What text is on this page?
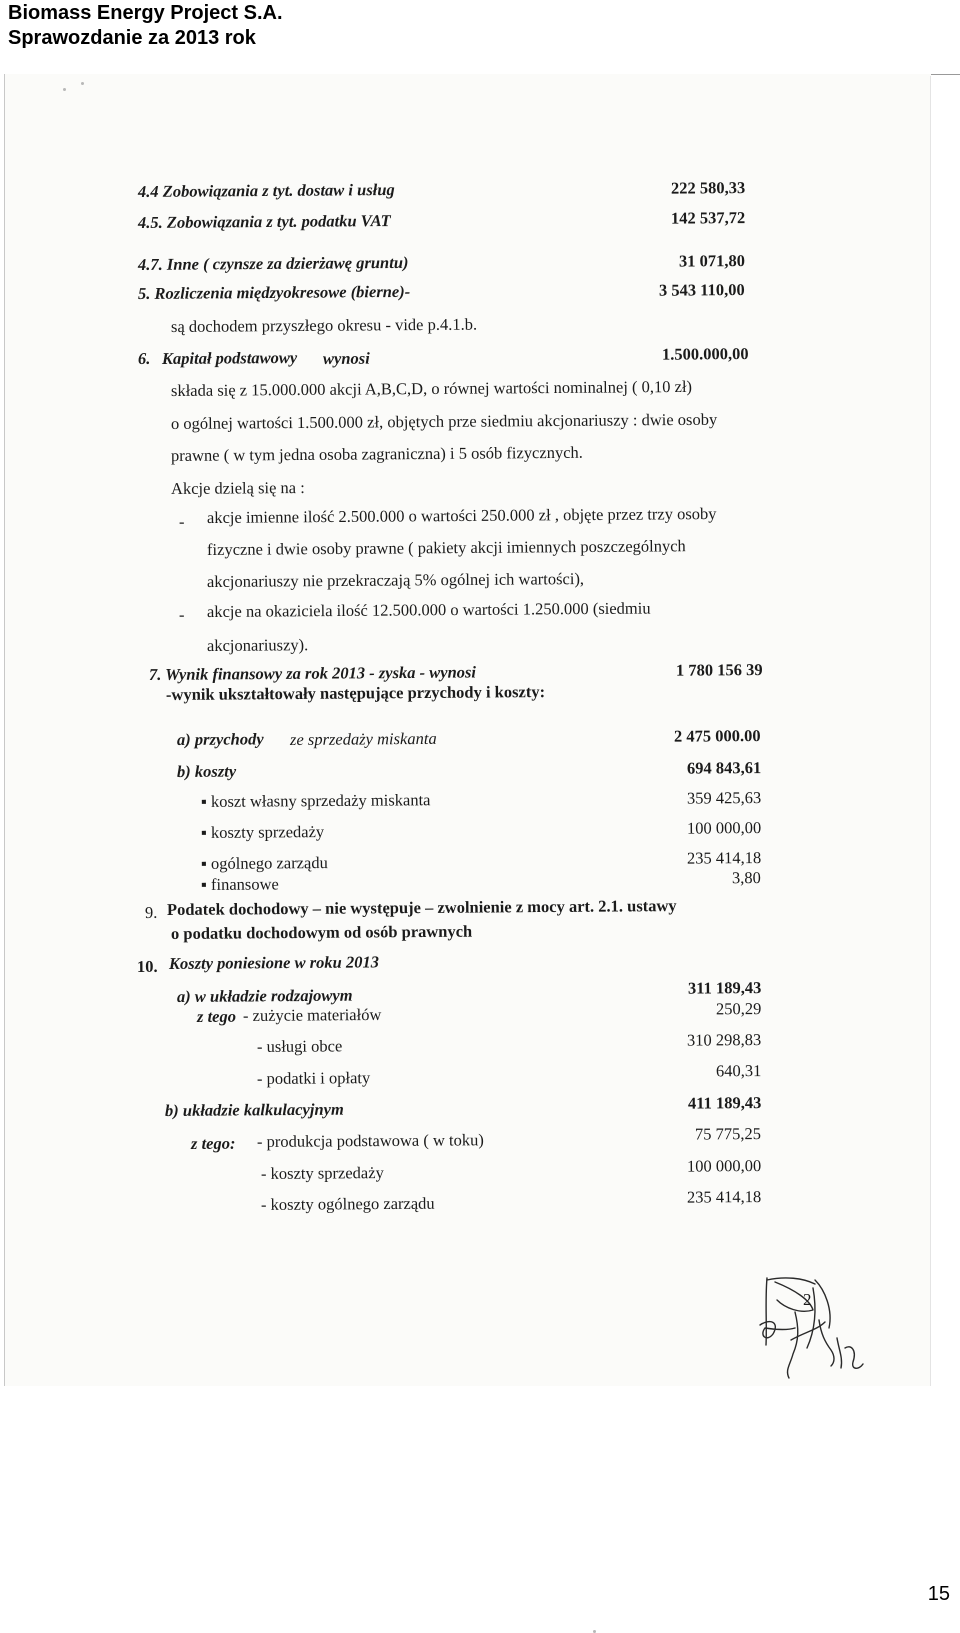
Biomass Energy Project S.A.
Sprawozdanie za 2013 rok
4.4 Zobowiązania z tyt. dostaw i usług	222 580,33
4.5. Zobowiązania z tyt. podatku VAT	142 537,72
4.7. Inne ( czynsze za dzierżawę gruntu)	31 071,80
5. Rozliczenia międzyokresowe (bierne)-	3 543 110,00
są dochodem przyszłego okresu - vide p.4.1.b.
6. Kapitał podstawowy wynosi	1.500.000,00
składa się z 15.000.000 akcji A,B,C,D, o równej wartości nominalnej ( 0,10 zł)
o ogólnej wartości 1.500.000 zł, objętych prze siedmiu akcjonariuszy : dwie osoby
prawne ( w tym jedna osoba zagraniczna) i 5 osób fizycznych.
Akcje dzielą się na :
- akcje imienne ilość 2.500.000 o wartości 250.000 zł , objęte przez trzy osoby
fizyczne i dwie osoby prawne ( pakiety akcji imiennych poszczególnych
akcjonariuszy nie przekraczają 5% ogólnej ich wartości),
- akcje na okaziciela ilość 12.500.000 o wartości 1.250.000 (siedmiu
akcjonariuszy).
7. Wynik finansowy za rok 2013 - zyska - wynosi	1 780 156 39
-wynik ukształtowały następujące przychody i koszty:
a) przychody ze sprzedaży miskanta	2 475 000.00
b) koszty	694 843,61
▪ koszt własny sprzedaży miskanta	359 425,63
▪ koszty sprzedaży	100 000,00
▪ ogólnego zarządu	235 414,18
▪ finansowe	3,80
9. Podatek dochodowy – nie występuje – zwolnienie z mocy art. 2.1. ustawy
o podatku dochodowym od osób prawnych
10. Koszty poniesione w roku 2013
a) w układzie rodzajowym	311 189,43
z tego - zużycie materiałów	250,29
- usługi obce	310 298,83
- podatki i opłaty	640,31
b) układzie kalkulacyjnym	411 189,43
z tego: - produkcja podstawowa ( w toku)	75 775,25
- koszty sprzedaży	100 000,00
- koszty ogólnego zarządu	235 414,18
2
15
